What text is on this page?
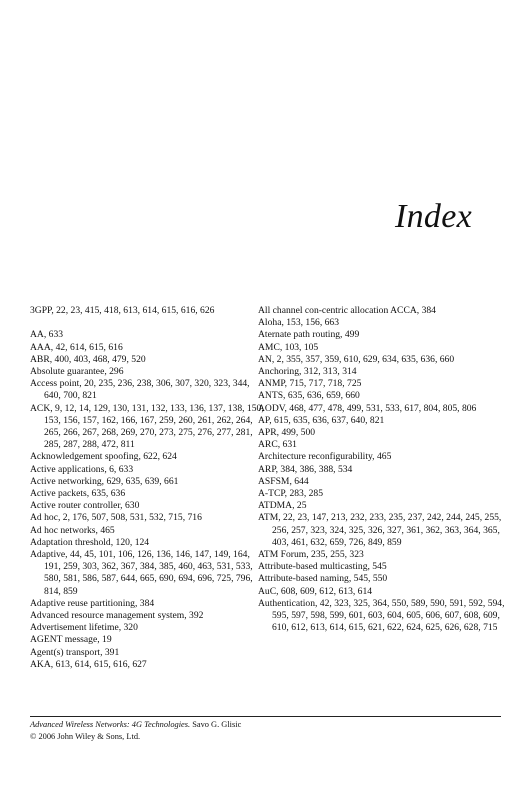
Index
3GPP, 22, 23, 415, 418, 613, 614, 615, 616, 626
AA, 633
AAA, 42, 614, 615, 616
ABR, 400, 403, 468, 479, 520
Absolute guarantee, 296
Access point, 20, 235, 236, 238, 306, 307, 320, 323, 344, 640, 700, 821
ACK, 9, 12, 14, 129, 130, 131, 132, 133, 136, 137, 138, 150, 153, 156, 157, 162, 166, 167, 259, 260, 261, 262, 264, 265, 266, 267, 268, 269, 270, 273, 275, 276, 277, 281, 285, 287, 288, 472, 811
Acknowledgement spoofing, 622, 624
Active applications, 6, 633
Active networking, 629, 635, 639, 661
Active packets, 635, 636
Active router controller, 630
Ad hoc, 2, 176, 507, 508, 531, 532, 715, 716
Ad hoc networks, 465
Adaptation threshold, 120, 124
Adaptive, 44, 45, 101, 106, 126, 136, 146, 147, 149, 164, 191, 259, 303, 362, 367, 384, 385, 460, 463, 531, 533, 580, 581, 586, 587, 644, 665, 690, 694, 696, 725, 796, 814, 859
Adaptive reuse partitioning, 384
Advanced resource management system, 392
Advertisement lifetime, 320
AGENT message, 19
Agent(s) transport, 391
AKA, 613, 614, 615, 616, 627
All channel con-centric allocation ACCA, 384
Aloha, 153, 156, 663
Aternate path routing, 499
AMC, 103, 105
AN, 2, 355, 357, 359, 610, 629, 634, 635, 636, 660
Anchoring, 312, 313, 314
ANMP, 715, 717, 718, 725
ANTS, 635, 636, 659, 660
AODV, 468, 477, 478, 499, 531, 533, 617, 804, 805, 806
AP, 615, 635, 636, 637, 640, 821
APR, 499, 500
ARC, 631
Architecture reconfigurability, 465
ARP, 384, 386, 388, 534
ASFSM, 644
A-TCP, 283, 285
ATDMA, 25
ATM, 22, 23, 147, 213, 232, 233, 235, 237, 242, 244, 245, 255, 256, 257, 323, 324, 325, 326, 327, 361, 362, 363, 364, 365, 403, 461, 632, 659, 726, 849, 859
ATM Forum, 235, 255, 323
Attribute-based multicasting, 545
Attribute-based naming, 545, 550
AuC, 608, 609, 612, 613, 614
Authentication, 42, 323, 325, 364, 550, 589, 590, 591, 592, 594, 595, 597, 598, 599, 601, 603, 604, 605, 606, 607, 608, 609, 610, 612, 613, 614, 615, 621, 622, 624, 625, 626, 628, 715
Advanced Wireless Networks: 4G Technologies. Savo G. Glisic
© 2006 John Wiley & Sons, Ltd.
